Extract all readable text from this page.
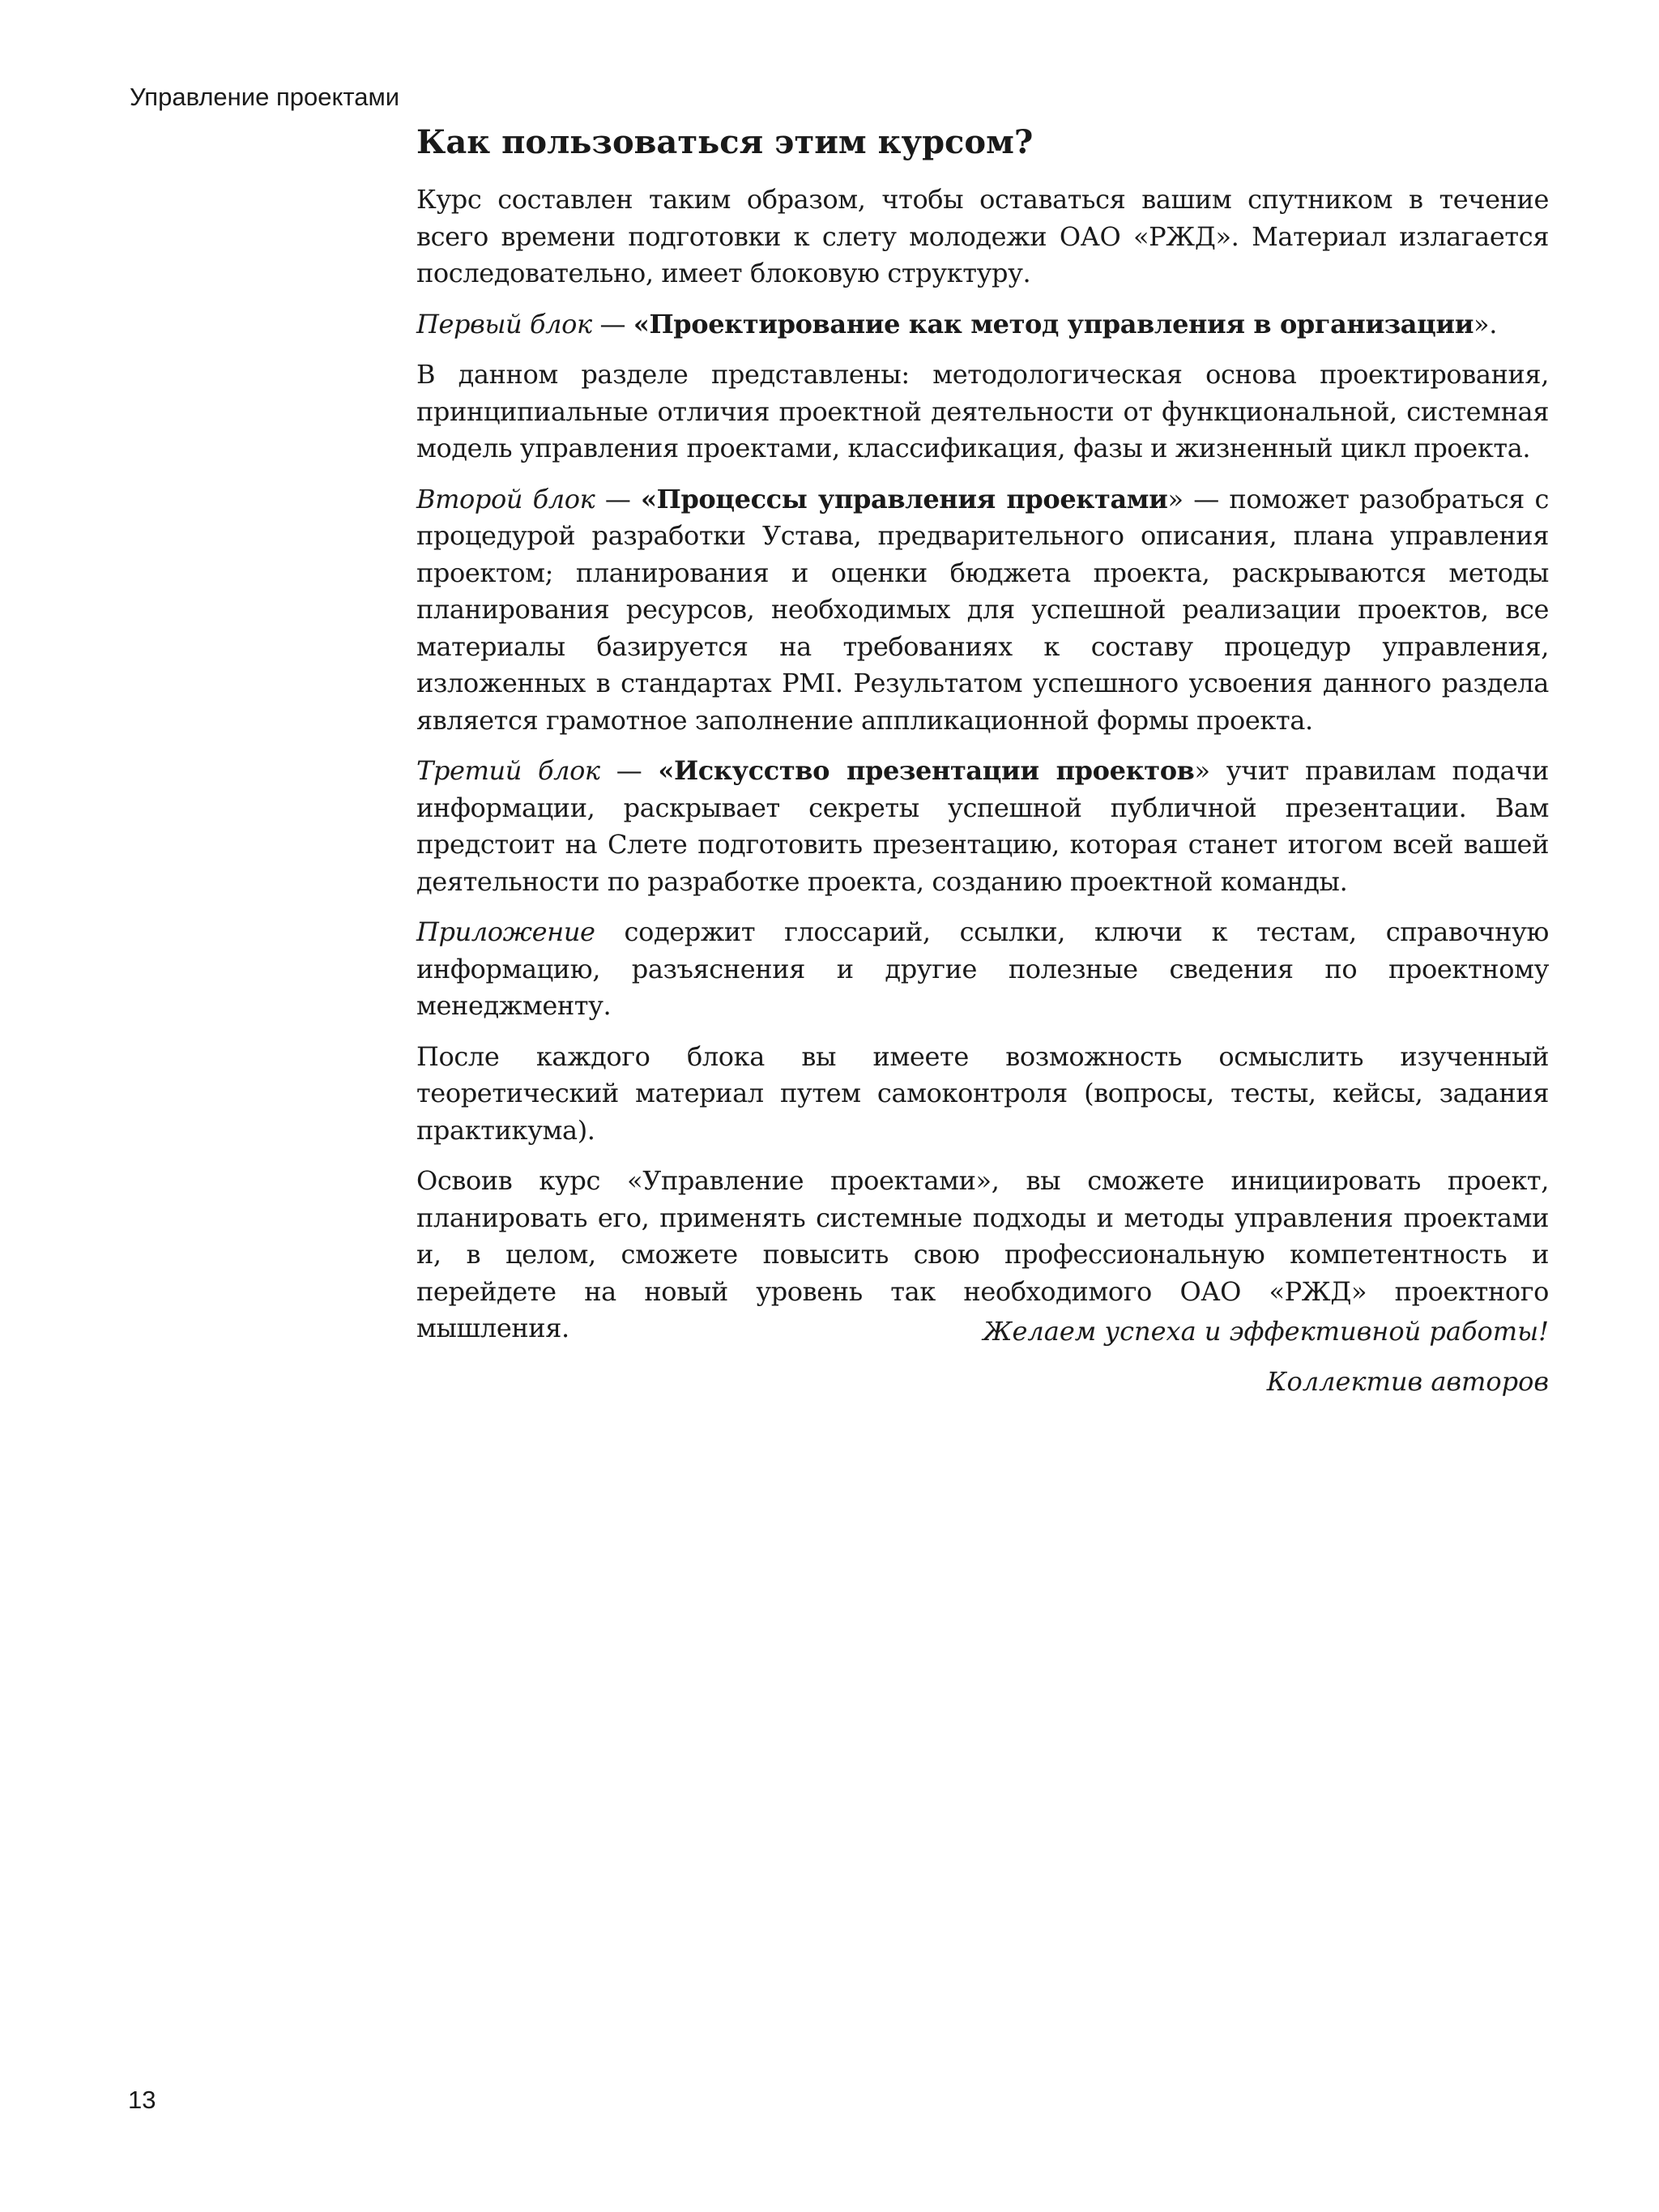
Управление проектами
Как пользоваться этим курсом?

Курс составлен таким образом, чтобы оставаться вашим спутником в течение всего времени подготовки к слету молодежи ОАО «РЖД». Материал излагается последовательно, имеет блоковую структуру.

Первый блок — «Проектирование как метод управления в организации».

В данном разделе представлены: методологическая основа проектирования, принципиальные отличия проектной деятельности от функциональной, системная модель управления проектами, классификация, фазы и жизненный цикл проекта.

Второй блок — «Процессы управления проектами» — поможет разобраться с процедурой разработки Устава, предварительного описания, плана управления проектом; планирования и оценки бюджета проекта, раскрываются методы планирования ресурсов, необходимых для успешной реализации проектов, все материалы базируется на требованиях к составу процедур управления, изложенных в стандартах PMI. Результатом успешного усвоения данного раздела является грамотное заполнение аппликационной формы проекта.

Третий блок — «Искусство презентации проектов» учит правилам подачи информации, раскрывает секреты успешной публичной презентации. Вам предстоит на Слете подготовить презентацию, которая станет итогом всей вашей деятельности по разработке проекта, созданию проектной команды.

Приложение содержит глоссарий, ссылки, ключи к тестам, справочную информацию, разъяснения и другие полезные сведения по проектному менеджменту.

После каждого блока вы имеете возможность осмыслить изученный теоретический материал путем самоконтроля (вопросы, тесты, кейсы, задания практикума).

Освоив курс «Управление проектами», вы сможете инициировать проект, планировать его, применять системные подходы и методы управления проектами и, в целом, сможете повысить свою профессиональную компетентность и перейдете на новый уровень так необходимого ОАО «РЖД» проектного мышления.	Желаем успеха и эффективной работы!
Коллектив авторов
13
